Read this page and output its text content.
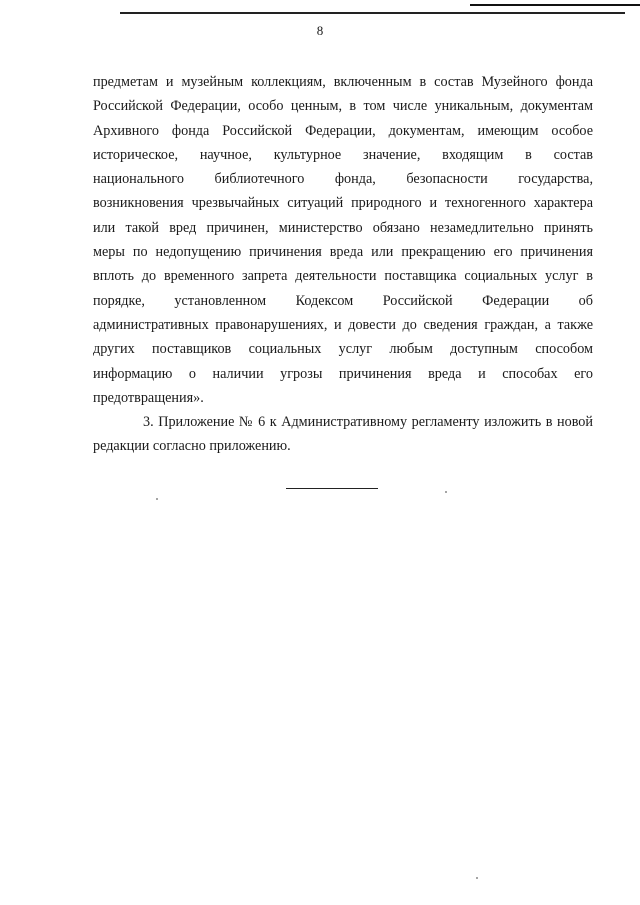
8
предметам и музейным коллекциям, включенным в состав Музейного фонда
Российской Федерации, особо ценным, в том числе уникальным, документам
Архивного фонда Российской Федерации, документам, имеющим особое
историческое, научное, культурное значение, входящим в состав
национального библиотечного фонда, безопасности государства,
возникновения чрезвычайных ситуаций природного и техногенного характера
или такой вред причинен, министерство обязано незамедлительно принять
меры по недопущению причинения вреда или прекращению его причинения
вплоть до временного запрета деятельности поставщика социальных услуг в
порядке, установленном Кодексом Российской Федерации об
административных правонарушениях, и довести до сведения граждан, а также
других поставщиков социальных услуг любым доступным способом
информацию о наличии угрозы причинения вреда и способах его
предотвращения».
3. Приложение № 6 к Административному регламенту изложить в новой
редакции согласно приложению.
